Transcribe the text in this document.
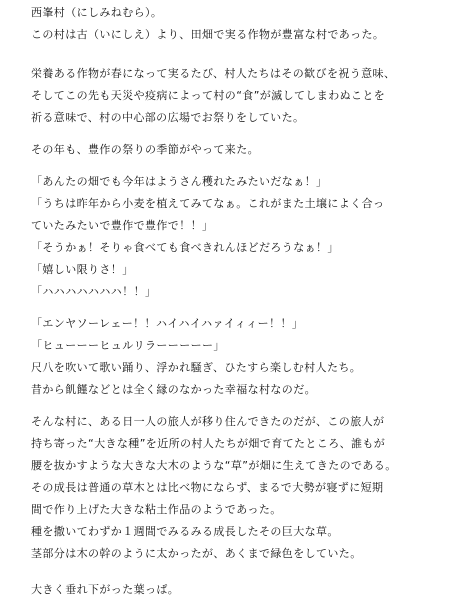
西峯村（にしみねむら）。
この村は古（いにしえ）より、田畑で実る作物が豊富な村であった。
栄養ある作物が春になって実るたび、村人たちはその歓びを祝う意味、
そしてこの先も天災や疫病によって村の“食”が滅してしまわぬことを
祈る意味で、村の中心部の広場でお祭りをしていた。
その年も、豊作の祭りの季節がやって来た。
「あんたの畑でも今年はようさん穫れたみたいだなぁ！」
「うちは昨年から小麦を植えてみてなぁ。これがまた土壌によく合っ
ていたみたいで豊作で豊作で！！」
「そうかぁ！そりゃ食べても食べきれんほどだろうなぁ！」
「嬉しい限りさ！」
「ハハハハハハハ！！」
「エンヤソーレェー！！ハイハイハァイィィー！！」
「ヒューーーヒュルリラーーーーー」
尺八を吹いて歌い踊り、浮かれ騒ぎ、ひたすら楽しむ村人たち。
昔から飢饉などとは全く縁のなかった幸福な村なのだ。
そんな村に、ある日一人の旅人が移り住んできたのだが、この旅人が
持ち寄った“大きな種”を近所の村人たちが畑で育てたところ、誰もが
腰を抜かすような大きな大木のような“草”が畑に生えてきたのである。
その成長は普通の草木とは比べ物にならず、まるで大勢が寝ずに短期
間で作り上げた大きな粘土作品のようであった。
種を撒いてわずか１週間でみるみる成長したその巨大な草。
茎部分は木の幹のように太かったが、あくまで緑色をしていた。
大きく垂れ下がった葉っぱ。
